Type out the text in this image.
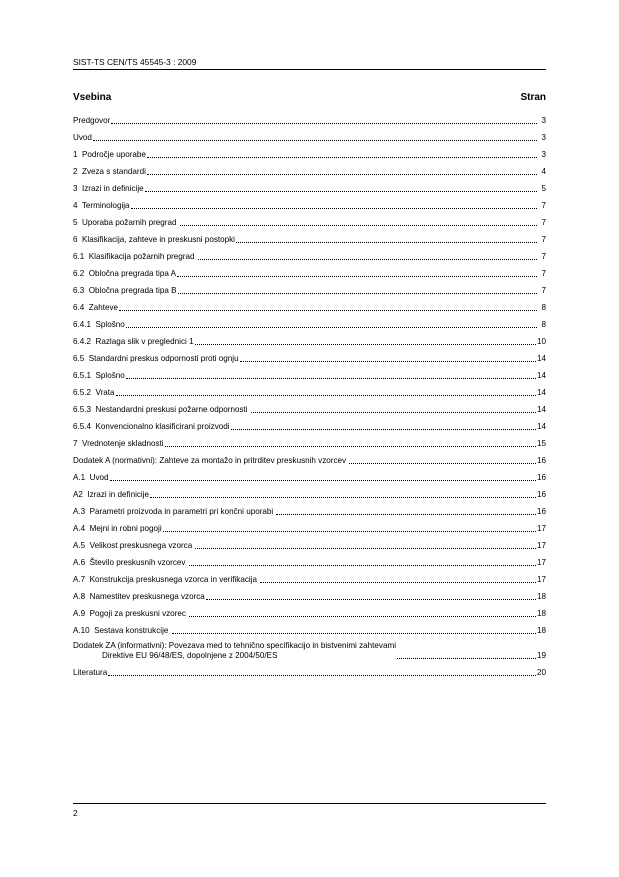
SIST-TS CEN/TS 45545-3 : 2009
Vsebina	Stran
Predgovor	3
Uvod	3
1  Področje uporabe	3
2  Zveza s standardi	4
3  Izrazi in definicije	5
4  Terminologija	7
5  Uporaba požarnih pregrad	7
6  Klasifikacija, zahteve in preskusni postopki	7
6.1  Klasifikacija požarnih pregrad	7
6.2  Obločna pregrada tipa A	7
6.3  Obločna pregrada tipa B	7
6.4  Zahteve	8
6.4.1  Splošno	8
6.4.2  Razlaga slik v preglednici 1	10
6.5  Standardni preskus odpornosti proti ognju	14
6.5.1  Splošno	14
6.5.2  Vrata	14
6.5.3  Nestandardni preskusi požarne odpornosti	14
6.5.4  Konvencionalno klasificirani proizvodi	14
7  Vrednotenje skladnosti	15
Dodatek A (normativni): Zahteve za montažo in pritrditev preskusnih vzorcev	16
A.1  Uvod	16
A2  Izrazi in definicije	16
A.3  Parametri proizvoda in parametri pri končni uporabi	16
A.4  Mejni in robni pogoji	17
A.5  Velikost preskusnega vzorca	17
A.6  Število preskusnih vzorcev	17
A.7  Konstrukcija preskusnega vzorca in verifikacija	17
A.8  Namestitev preskusnega vzorca	18
A.9  Pogoji za preskusni vzorec	18
A.10  Sestava konstrukcije	18
Dodatek ZA (informativni): Povezava med to tehnično specifikacijo in bistvenimi zahtevami
Direktive EU 96/48/ES, dopolnjene z 2004/50/ES	19
Literatura	20
2
